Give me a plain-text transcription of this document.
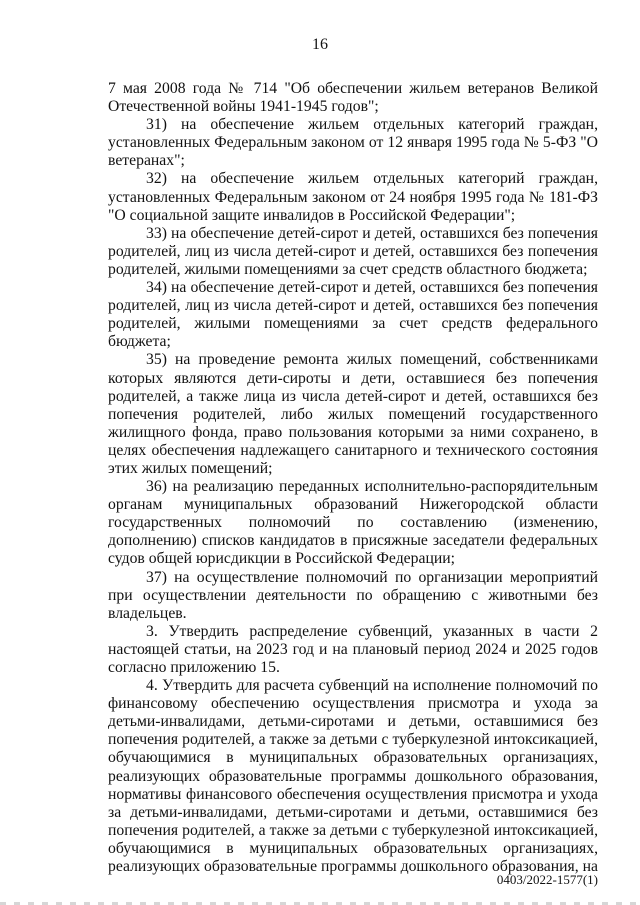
16

7 мая 2008 года № 714 "Об обеспечении жильем ветеранов Великой Отечественной войны 1941-1945 годов";

31) на обеспечение жильем отдельных категорий граждан, установленных Федеральным законом от 12 января 1995 года № 5-ФЗ "О ветеранах";

32) на обеспечение жильем отдельных категорий граждан, установленных Федеральным законом от 24 ноября 1995 года № 181-ФЗ "О социальной защите инвалидов в Российской Федерации";

33) на обеспечение детей-сирот и детей, оставшихся без попечения родителей, лиц из числа детей-сирот и детей, оставшихся без попечения родителей, жилыми помещениями за счет средств областного бюджета;

34) на обеспечение детей-сирот и детей, оставшихся без попечения родителей, лиц из числа детей-сирот и детей, оставшихся без попечения родителей, жилыми помещениями за счет средств федерального бюджета;

35) на проведение ремонта жилых помещений, собственниками которых являются дети-сироты и дети, оставшиеся без попечения родителей, а также лица из числа детей-сирот и детей, оставшихся без попечения родителей, либо жилых помещений государственного жилищного фонда, право пользования которыми за ними сохранено, в целях обеспечения надлежащего санитарного и технического состояния этих жилых помещений;

36) на реализацию переданных исполнительно-распорядительным органам муниципальных образований Нижегородской области государственных полномочий по составлению (изменению, дополнению) списков кандидатов в присяжные заседатели федеральных судов общей юрисдикции в Российской Федерации;

37) на осуществление полномочий по организации мероприятий при осуществлении деятельности по обращению с животными без владельцев.

3. Утвердить распределение субвенций, указанных в части 2 настоящей статьи, на 2023 год и на плановый период 2024 и 2025 годов согласно приложению 15.

4. Утвердить для расчета субвенций на исполнение полномочий по финансовому обеспечению осуществления присмотра и ухода за детьми-инвалидами, детьми-сиротами и детьми, оставшимися без попечения родителей, а также за детьми с туберкулезной интоксикацией, обучающимися в муниципальных образовательных организациях, реализующих образовательные программы дошкольного образования, нормативы финансового обеспечения осуществления присмотра и ухода за детьми-инвалидами, детьми-сиротами и детьми, оставшимися без попечения родителей, а также за детьми с туберкулезной интоксикацией, обучающимися в муниципальных образовательных организациях, реализующих образовательные программы дошкольного образования, на

0403/2022-1577(1)
